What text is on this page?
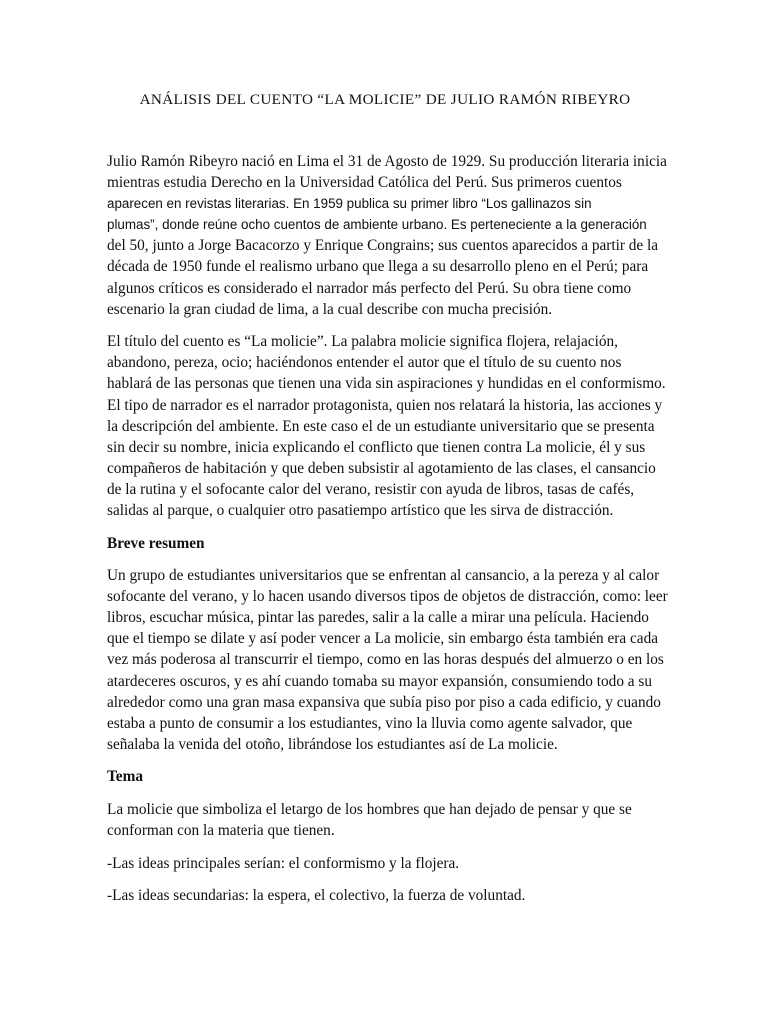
ANÁLISIS DEL CUENTO “LA MOLICIE” DE JULIO RAMÓN RIBEYRO
Julio Ramón Ribeyro nació en Lima el 31 de Agosto de 1929. Su producción literaria inicia
mientras estudia Derecho en la Universidad Católica del Perú. Sus primeros cuentos
aparecen en revistas literarias. En 1959 publica su primer libro “Los gallinazos sin
plumas”, donde reúne ocho cuentos de ambiente urbano. Es perteneciente a la generación
del 50, junto a Jorge Bacacorzo y Enrique Congrains; sus cuentos aparecidos a partir de la
década de 1950 funde el realismo urbano que llega a su desarrollo pleno en el Perú; para
algunos críticos es considerado el narrador más perfecto del Perú. Su obra tiene como
escenario la gran ciudad de lima, a la cual describe con mucha precisión.
El título del cuento es “La molicie”. La palabra molicie significa flojera, relajación,
abandono, pereza, ocio; haciéndonos entender el autor que el título de su cuento nos
hablará de las personas que tienen una vida sin aspiraciones y hundidas en el conformismo.
El tipo de narrador es el narrador protagonista, quien nos relatará la historia, las acciones y
la descripción del ambiente. En este caso el de un estudiante universitario que se presenta
sin decir su nombre, inicia explicando el conflicto que tienen contra La molicie, él y sus
compañeros de habitación y que deben subsistir al agotamiento de las clases, el cansancio
de la rutina y el sofocante calor del verano, resistir con ayuda de libros, tasas de cafés,
salidas al parque, o cualquier otro pasatiempo artístico que les sirva de distracción.
Breve resumen
Un grupo de estudiantes universitarios que se enfrentan al cansancio, a la pereza y al calor
sofocante del verano, y lo hacen usando diversos tipos de objetos de distracción, como: leer
libros, escuchar música, pintar las paredes, salir a la calle a mirar una película. Haciendo
que el tiempo se dilate y así poder vencer a La molicie, sin embargo ésta también era cada
vez más poderosa al transcurrir el tiempo, como en las horas después del almuerzo o en los
atardeceres oscuros, y es ahí cuando tomaba su mayor expansión, consumiendo todo a su
alrededor como una gran masa expansiva que subía piso por piso a cada edificio, y cuando
estaba a punto de consumir a los estudiantes, vino la lluvia como agente salvador, que
señalaba la venida del otoño, librándose los estudiantes así de La molicie.
Tema
La molicie que simboliza el letargo de los hombres que han dejado de pensar y que se
conforman con la materia que tienen.
-Las ideas principales serían: el conformismo y la flojera.
-Las ideas secundarias: la espera, el colectivo, la fuerza de voluntad.
